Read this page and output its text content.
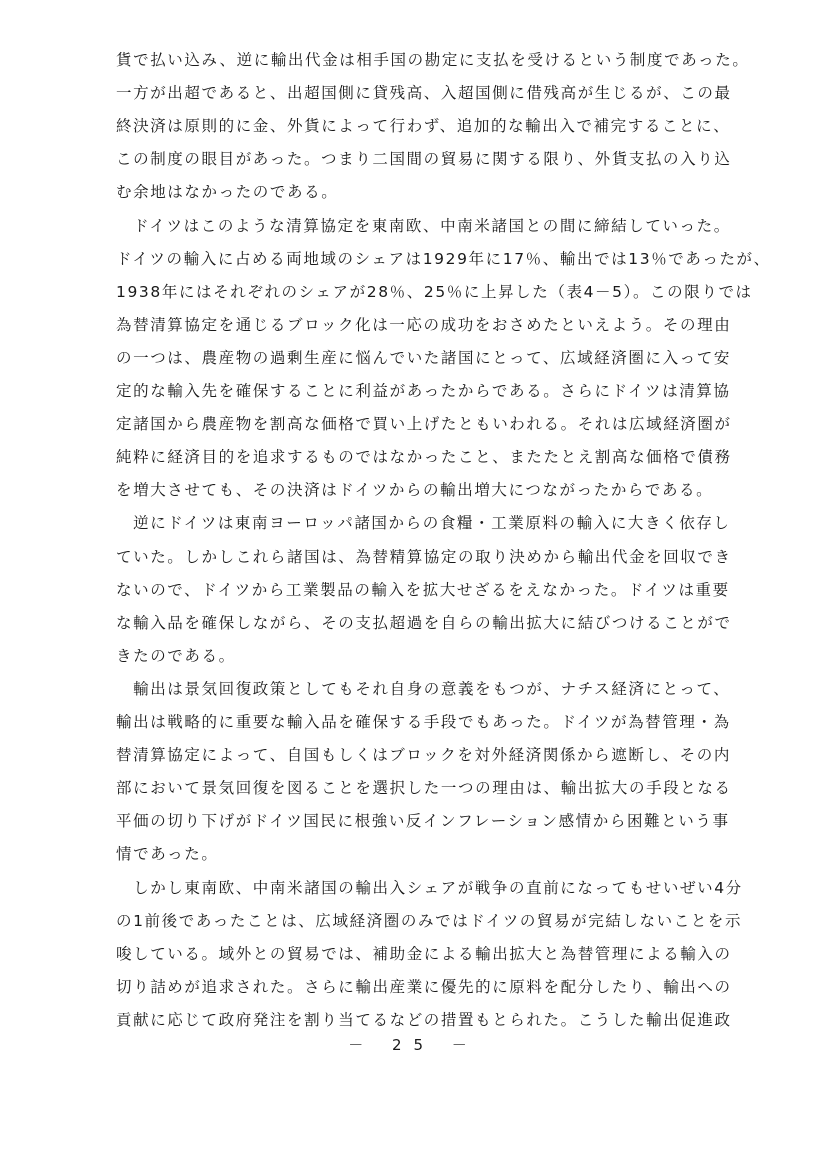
貨で払い込み、逆に輸出代金は相手国の勘定に支払を受けるという制度であった。
一方が出超であると、出超国側に貸残高、入超国側に借残高が生じるが、この最
終決済は原則的に金、外貨によって行わず、追加的な輸出入で補完することに、
この制度の眼目があった。つまり二国間の貿易に関する限り、外貨支払の入り込
む余地はなかったのである。
　ドイツはこのような清算協定を東南欧、中南米諸国との間に締結していった。
ドイツの輸入に占める両地域のシェアは1929年に17％、輸出では13％であったが、
1938年にはそれぞれのシェアが28％、25％に上昇した（表4－5）。この限りでは
為替清算協定を通じるブロック化は一応の成功をおさめたといえよう。その理由
の一つは、農産物の過剰生産に悩んでいた諸国にとって、広域経済圏に入って安
定的な輸入先を確保することに利益があったからである。さらにドイツは清算協
定諸国から農産物を割高な価格で買い上げたともいわれる。それは広域経済圏が
純粋に経済目的を追求するものではなかったこと、またたとえ割高な価格で債務
を増大させても、その決済はドイツからの輸出増大につながったからである。
　逆にドイツは東南ヨーロッパ諸国からの食糧・工業原料の輸入に大きく依存し
ていた。しかしこれら諸国は、為替精算協定の取り決めから輸出代金を回収でき
ないので、ドイツから工業製品の輸入を拡大せざるをえなかった。ドイツは重要
な輸入品を確保しながら、その支払超過を自らの輸出拡大に結びつけることがで
きたのである。
　輸出は景気回復政策としてもそれ自身の意義をもつが、ナチス経済にとって、
輸出は戦略的に重要な輸入品を確保する手段でもあった。ドイツが為替管理・為
替清算協定によって、自国もしくはブロックを対外経済関係から遮断し、その内
部において景気回復を図ることを選択した一つの理由は、輸出拡大の手段となる
平価の切り下げがドイツ国民に根強い反インフレーション感情から困難という事
情であった。
　しかし東南欧、中南米諸国の輸出入シェアが戦争の直前になってもせいぜい4分
の1前後であったことは、広域経済圏のみではドイツの貿易が完結しないことを示
唆している。域外との貿易では、補助金による輸出拡大と為替管理による輸入の
切り詰めが追求された。さらに輸出産業に優先的に原料を配分したり、輸出への
貢献に応じて政府発注を割り当てるなどの措置もとられた。こうした輸出促進政
－ 25 －
